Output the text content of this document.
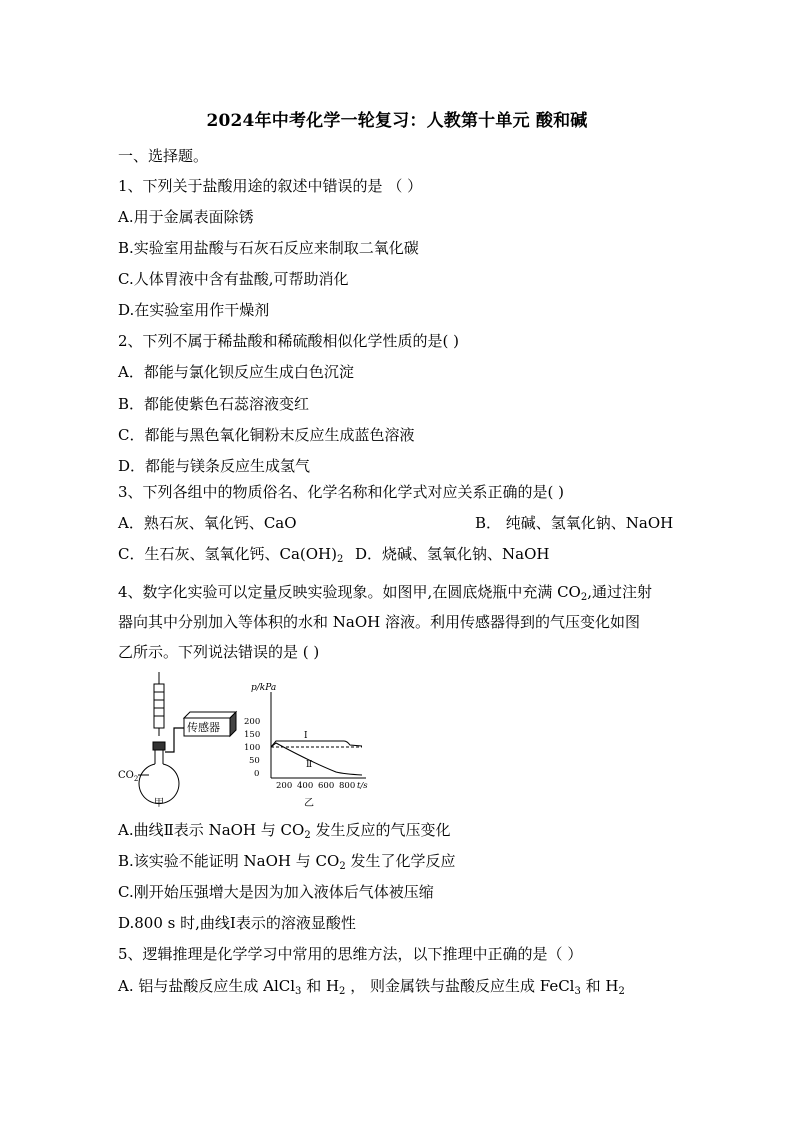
2024年中考化学一轮复习：人教第十单元 酸和碱
一、选择题。
1、下列关于盐酸用途的叙述中错误的是 （ ）
A.用于金属表面除锈
B.实验室用盐酸与石灰石反应来制取二氧化碳
C.人体胃液中含有盐酸,可帮助消化
D.在实验室用作干燥剂
2、下列不属于稀盐酸和稀硫酸相似化学性质的是( )
A．都能与氯化钡反应生成白色沉淀
B．都能使紫色石蕊溶液变红
C．都能与黑色氧化铜粉末反应生成蓝色溶液
D．都能与镁条反应生成氢气
3、下列各组中的物质俗名、化学名称和化学式对应关系正确的是( )
A．熟石灰、氧化钙、CaO	B． 纯碱、氢氧化钠、NaOH
C．生石灰、氢氧化钙、$Ca(OH)_2$ D．烧碱、氢氧化钠、NaOH
4、数字化实验可以定量反映实验现象。如图甲,在圆底烧瓶中充满 $CO_2$,通过注射
器向其中分别加入等体积的水和 NaOH 溶液。利用传感器得到的气压变化如图
乙所示。下列说法错误的是 ( )
传感器
$CO_2$
甲
p/kPa
200
150
100
50
0
200 400 600 800 t/s
Ⅰ
Ⅱ
乙
A.曲线Ⅱ表示 NaOH 与 $CO_2$ 发生反应的气压变化
B.该实验不能证明 NaOH 与 $CO_2$ 发生了化学反应
C.刚开始压强增大是因为加入液体后气体被压缩
D.800 s 时,曲线Ⅰ表示的溶液显酸性
5、逻辑推理是化学学习中常用的思维方法，以下推理中正确的是（ ）
A. 铝与盐酸反应生成 AlCl$_3$ 和 $H_2$ ， 则金属铁与盐酸反应生成 FeCl$_3$ 和 $H_2$
